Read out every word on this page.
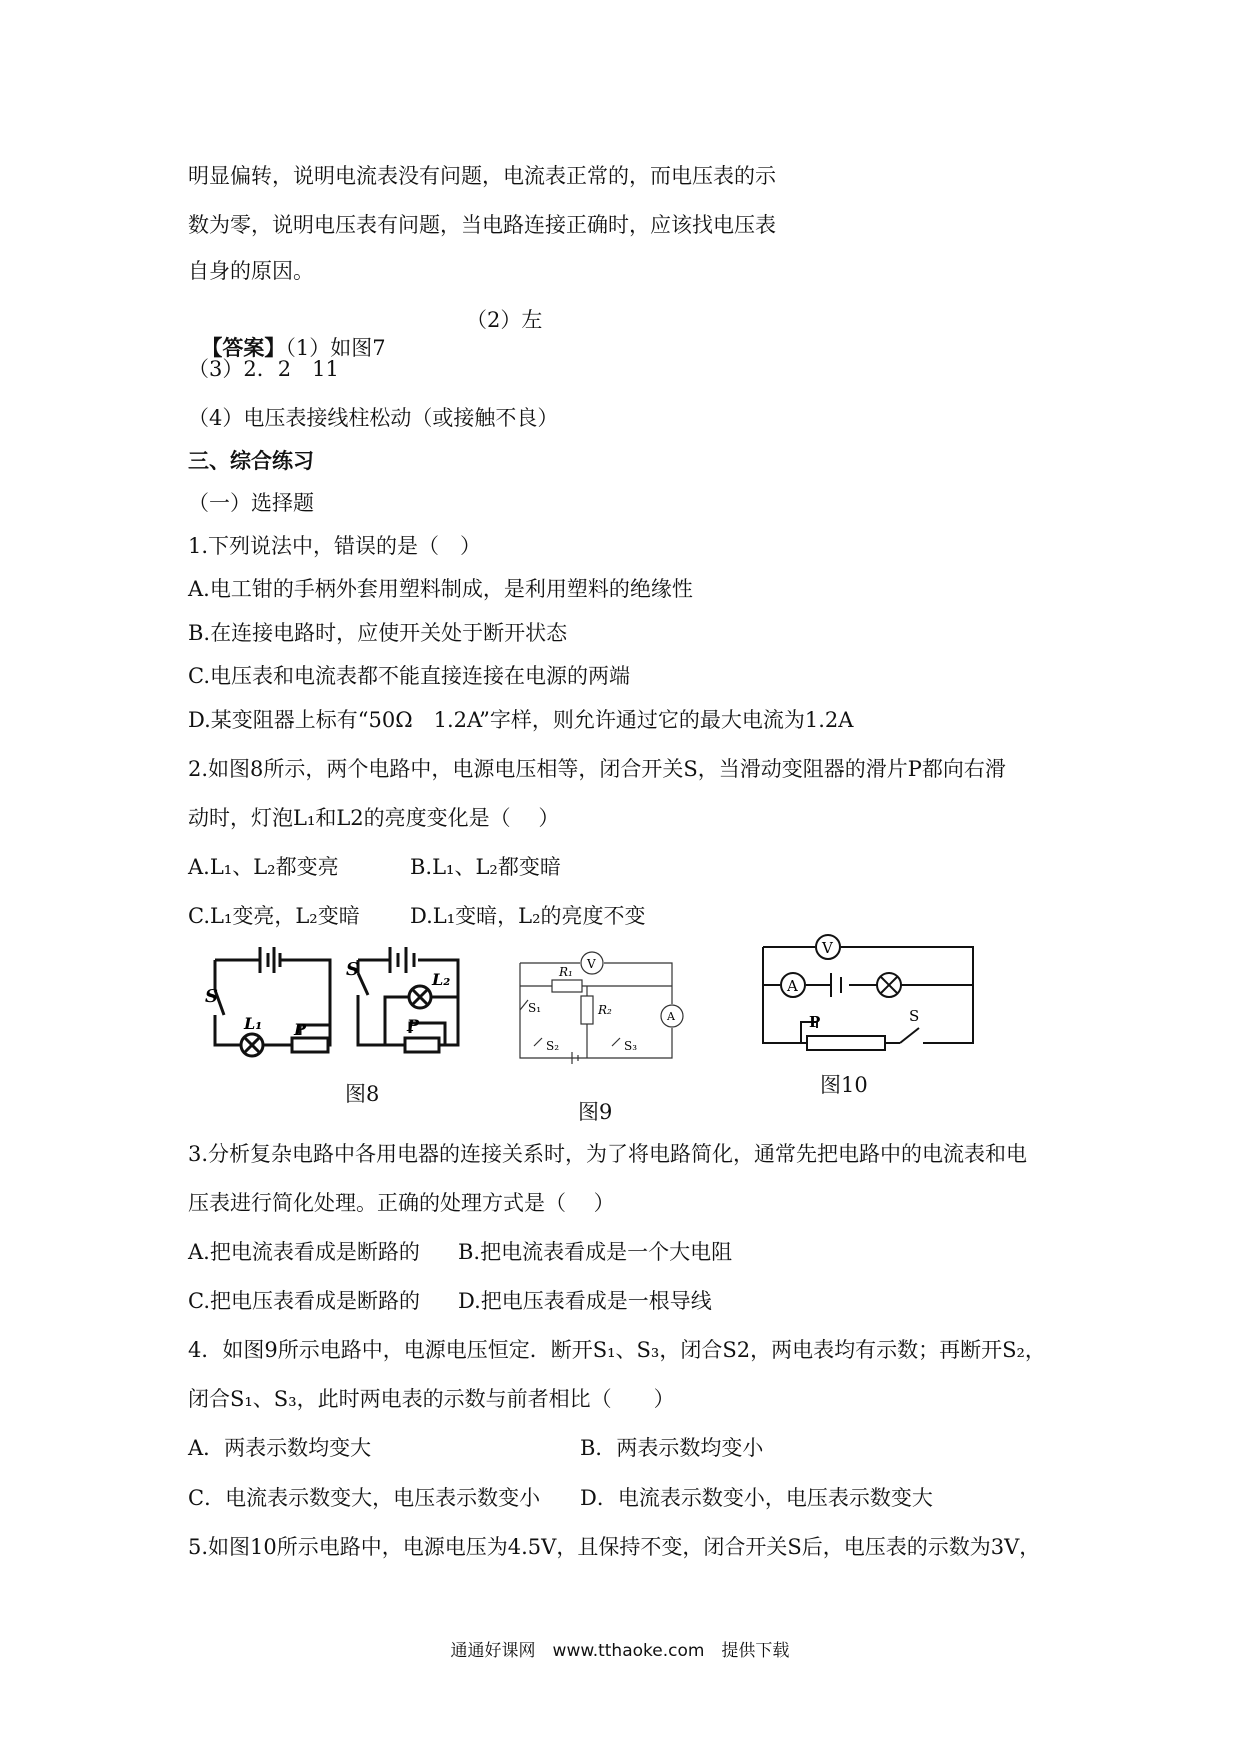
明显偏转，说明电流表没有问题，电流表正常的，而电压表的示
数为零，说明电压表有问题，当电路连接正确时，应该找电压表
自身的原因。

【答案】（1）如图7

（2）左
（3）2．2　11
（4）电压表接线柱松动（或接触不良）
三、综合练习
（一）选择题
1.下列说法中，错误的是（　）
A.电工钳的手柄外套用塑料制成，是利用塑料的绝缘性
B.在连接电路时，应使开关处于断开状态
C.电压表和电流表都不能直接连接在电源的两端
D.某变阻器上标有“50Ω　1.2A”字样，则允许通过它的最大电流为1.2A
2.如图8所示，两个电路中，电源电压相等，闭合开关S，当滑动变阻器的滑片P都向右滑
动时，灯泡L₁和L2的亮度变化是（　 ）
A.L₁、L₂都变亮	B.L₁、L₂都变暗
C.L₁变亮，L₂变暗 D.L₁变暗，L₂的亮度不变
S
L₁ P
S	L₂
P
图8
V
R₁
R₂	A
S₁
S₂	S₃
图9
V
A
P	S
图10
3.分析复杂电路中各用电器的连接关系时，为了将电路简化，通常先把电路中的电流表和电
压表进行简化处理。正确的处理方式是（　 ）
A.把电流表看成是断路的 B.把电流表看成是一个大电阻
C.把电压表看成是断路的 D.把电压表看成是一根导线
4．如图9所示电路中，电源电压恒定．断开S₁、S₃，闭合S2，两电表均有示数；再断开S₂，
闭合S₁、S₃，此时两电表的示数与前者相比（　　）
A．两表示数均变大	B．两表示数均变小
C．电流表示数变大，电压表示数变小 D．电流表示数变小，电压表示数变大
5.如图10所示电路中，电源电压为4.5V，且保持不变，闭合开关S后，电压表的示数为3V，
通通好课网　www.tthaoke.com　提供下载
